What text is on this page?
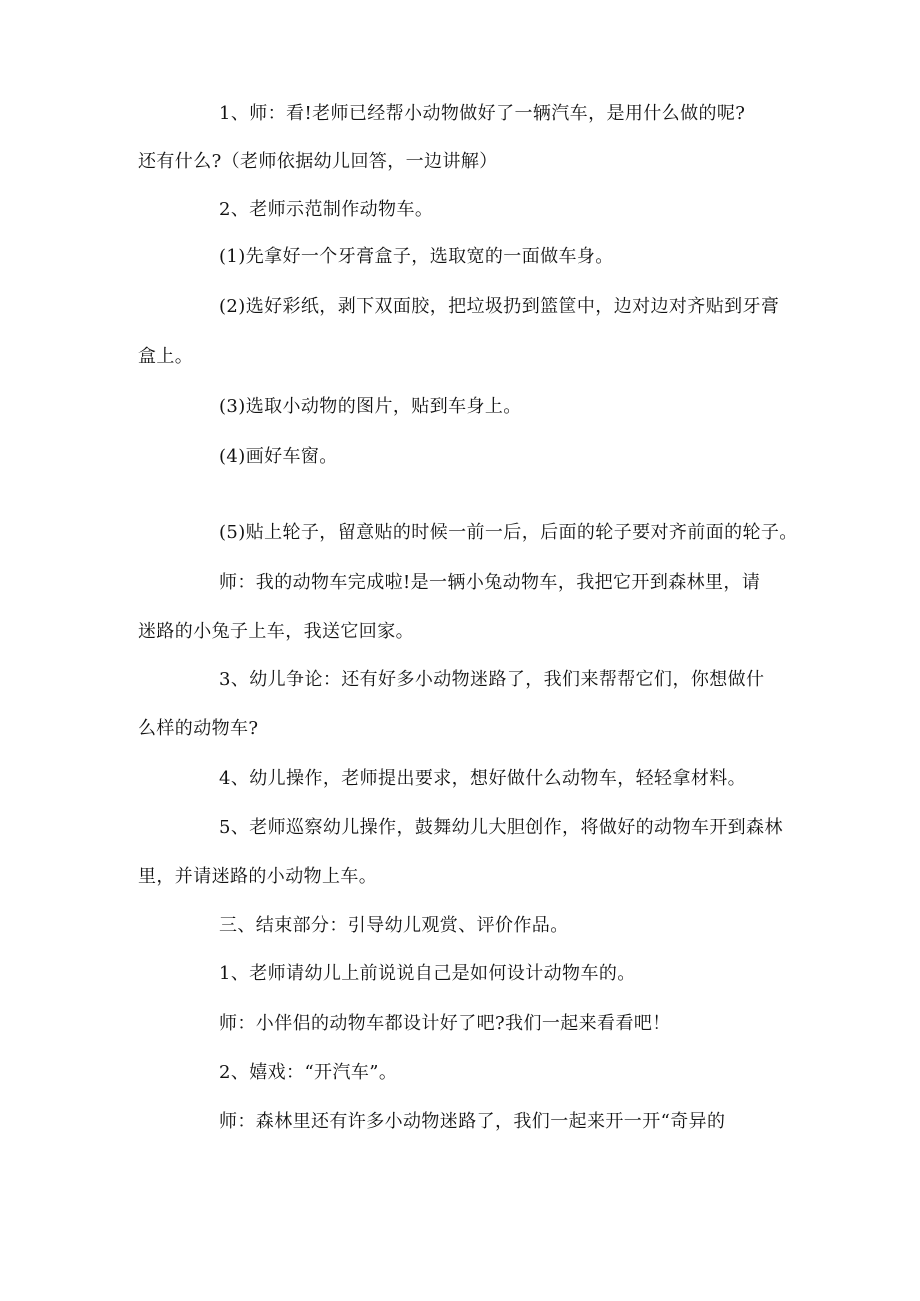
1、师：看!老师已经帮小动物做好了一辆汽车，是用什么做的呢?
还有什么?（老师依据幼儿回答，一边讲解）
2、老师示范制作动物车。
(1)先拿好一个牙膏盒子，选取宽的一面做车身。
(2)选好彩纸，剥下双面胶，把垃圾扔到篮筐中，边对边对齐贴到牙膏
盒上。
(3)选取小动物的图片，贴到车身上。
(4)画好车窗。
(5)贴上轮子，留意贴的时候一前一后，后面的轮子要对齐前面的轮子。
师：我的动物车完成啦!是一辆小兔动物车，我把它开到森林里，请
迷路的小兔子上车，我送它回家。
3、幼儿争论：还有好多小动物迷路了，我们来帮帮它们，你想做什
么样的动物车?
4、幼儿操作，老师提出要求，想好做什么动物车，轻轻拿材料。
5、老师巡察幼儿操作，鼓舞幼儿大胆创作，将做好的动物车开到森林
里，并请迷路的小动物上车。
三、结束部分：引导幼儿观赏、评价作品。
1、老师请幼儿上前说说自己是如何设计动物车的。
师：小伴侣的动物车都设计好了吧?我们一起来看看吧！
2、嬉戏：“开汽车”。
师：森林里还有许多小动物迷路了，我们一起来开一开“奇异的
